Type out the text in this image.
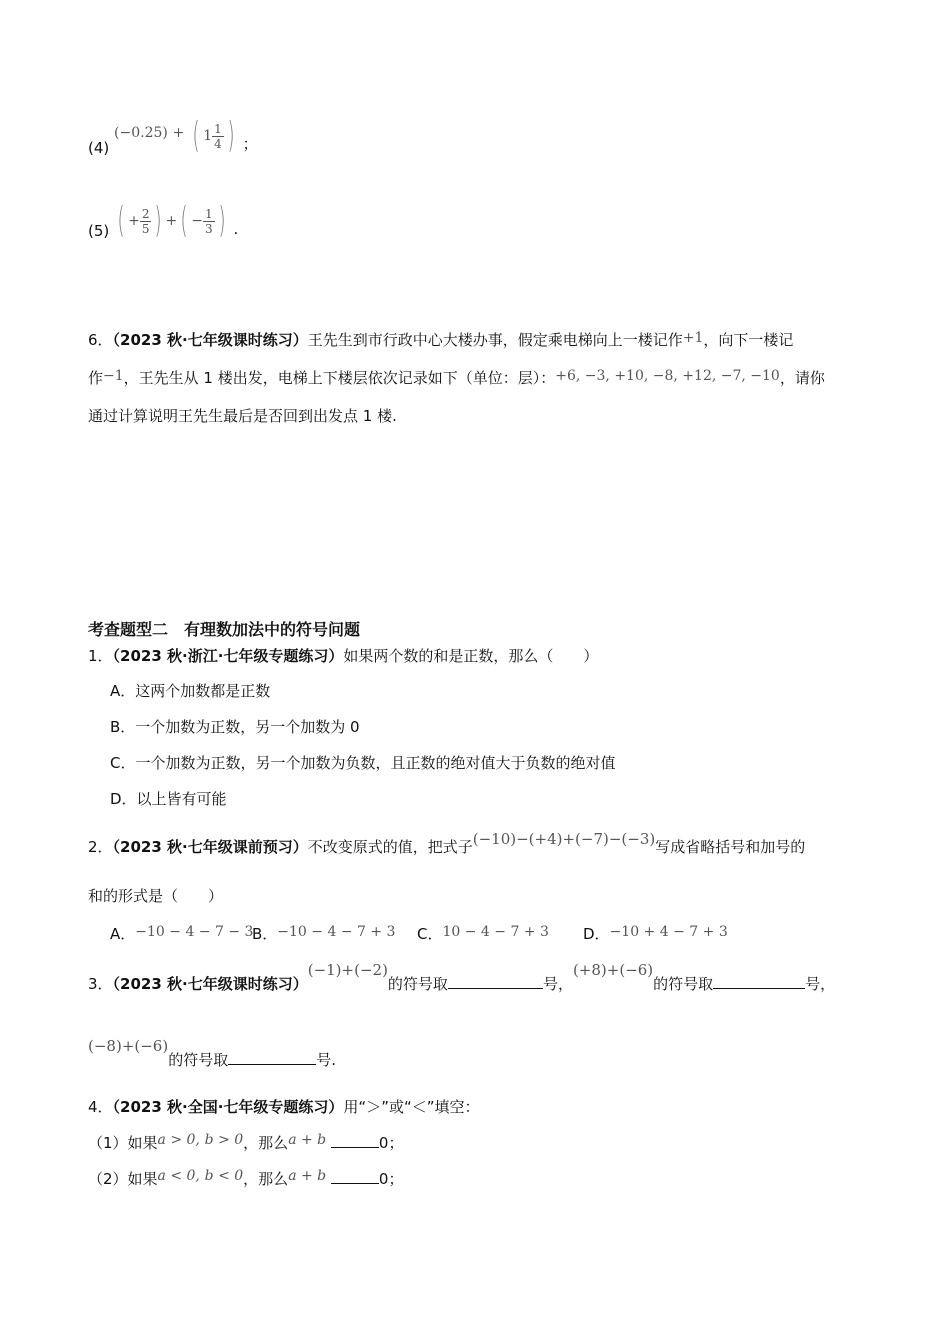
(4) (−0.25) + ( $1 \frac{1}{4}$ ) ；
(5) ( + $\frac{2}{5}$ ) +( − $\frac{1}{3}$ ) .
6．（2023 秋·七年级课时练习）王先生到市行政中心大楼办事，假定乘电梯向上一楼记作+1，向下一楼记
作−1，王先生从 1 楼出发，电梯上下楼层依次记录如下（单位：层）：+6, −3, +10, −8, +12, −7, −10，请你
通过计算说明王先生最后是否回到出发点 1 楼.
考查题型二　有理数加法中的符号问题
1．（2023 秋·浙江·七年级专题练习）如果两个数的和是正数，那么（　　）
A．这两个加数都是正数
B．一个加数为正数，另一个加数为 0
C．一个加数为正数，另一个加数为负数，且正数的绝对值大于负数的绝对值
D．以上皆有可能
2．（2023 秋·七年级课前预习）不改变原式的值，把式子(−10)−(+4)+(−7)−(−3)写成省略括号和加号的
和的形式是（　　）
A．−10 − 4 − 7 − 3
B．−10 − 4 − 7 + 3 C．10 − 4 − 7 + 3 D．−10 + 4 − 7 + 3
3．（2023 秋·七年级课时练习）(−1)+(−2)的符号取	号，(+8)+(−6)的符号取	号，
(−8)+(−6)的符号取	号.
4．（2023 秋·全国·七年级专题练习）用“＞”或“＜”填空：
（1）如果a > 0, b > 0，那么a + b	0；
（2）如果a < 0, b < 0，那么a + b	0；
